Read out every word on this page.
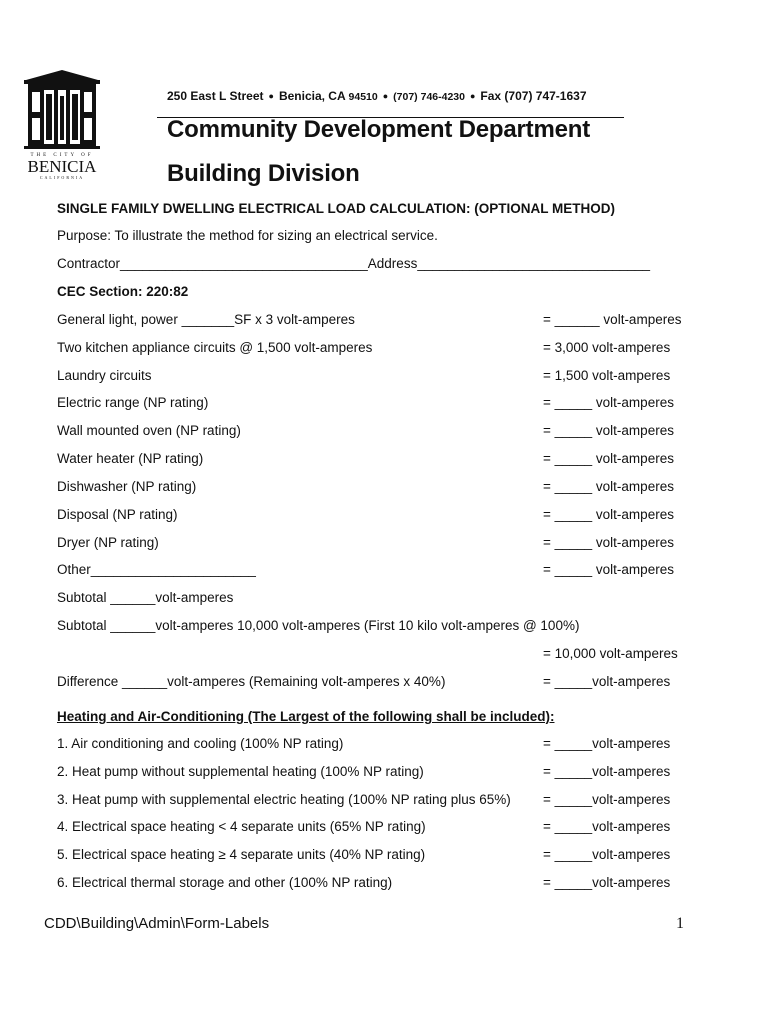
THE CITY OF
BENICIA
CALIFORNIA
250 East L Street ● Benicia, CA 94510 ● (707) 746-4230 ● Fax (707) 747-1637
Community Development Department
Building Division
SINGLE FAMILY DWELLING ELECTRICAL LOAD CALCULATION: (OPTIONAL METHOD)
Purpose: To illustrate the method for sizing an electrical service.
Contractor_________________________________Address_______________________________
CEC Section: 220:82
General light, power _______SF x 3 volt-amperes	= ______ volt-amperes
Two kitchen appliance circuits @ 1,500 volt-amperes	= 3,000 volt-amperes
Laundry circuits	= 1,500 volt-amperes
Electric range (NP rating)	= _____ volt-amperes
Wall mounted oven (NP rating)	= _____ volt-amperes
Water heater (NP rating)	= _____ volt-amperes
Dishwasher (NP rating)	= _____ volt-amperes
Disposal (NP rating)	= _____ volt-amperes
Dryer (NP rating)	= _____ volt-amperes
Other______________________	= _____ volt-amperes
Subtotal ______volt-amperes
Subtotal ______volt-amperes 10,000 volt-amperes (First 10 kilo volt-amperes @ 100%)
= 10,000 volt-amperes
Difference ______volt-amperes (Remaining volt-amperes x 40%)	= _____volt-amperes
Heating and Air-Conditioning (The Largest of the following shall be included):
1. Air conditioning and cooling (100% NP rating)	= _____volt-amperes
2. Heat pump without supplemental heating (100% NP rating)	= _____volt-amperes
3. Heat pump with supplemental electric heating (100% NP rating plus 65%) = _____volt-amperes
4. Electrical space heating < 4 separate units (65% NP rating)	= _____volt-amperes
5. Electrical space heating ≥ 4 separate units (40% NP rating)	= _____volt-amperes
6. Electrical thermal storage and other (100% NP rating)	= _____volt-amperes
CDD\Building\Admin\Form-Labels	1
